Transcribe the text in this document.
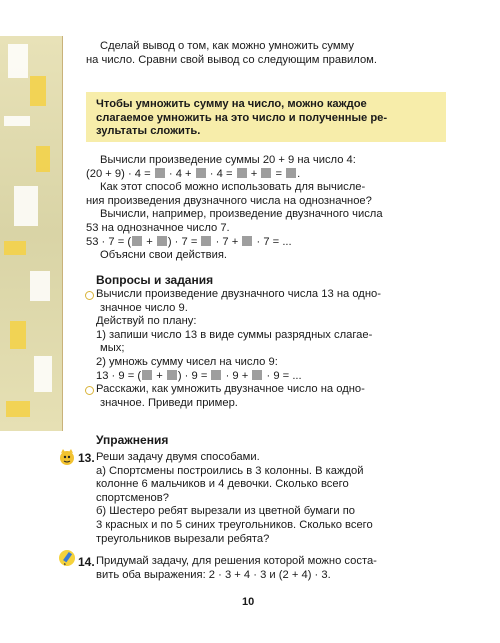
Сделай вывод о том, как можно умножить сумму
на число. Сравни свой вывод со следующим правилом.
Чтобы умножить сумму на число, можно каждое
слагаемое умножить на это число и полученные ре-
зультаты сложить.
Вычисли произведение суммы 20 + 9 на число 4:
(20 + 9) · 4 =  · 4 +  · 4 =  +  = .
Как этот способ можно использовать для вычисле-
ния произведения двузначного числа на однозначное?
Вычисли, например, произведение двузначного числа
53 на однозначное число 7.
53 · 7 = ( + ) · 7 =  · 7 +  · 7 = ...
Объясни свои действия.
Вопросы и задания
Вычисли произведение двузначного числа 13 на одно-
значное число 9.
Действуй по плану:
1) запиши число 13 в виде суммы разрядных слагае-
мых;
2) умножь сумму чисел на число 9:
13 · 9 = ( + ) · 9 =  · 9 +  · 9 = ...
Расскажи, как умножить двузначное число на одно-
значное. Приведи пример.
Упражнения
13. Реши задачу двумя способами.
а) Спортсмены построились в 3 колонны. В каждой
колонне 6 мальчиков и 4 девочки. Сколько всего
спортсменов?
б) Шестеро ребят вырезали из цветной бумаги по
3 красных и по 5 синих треугольников. Сколько всего
треугольников вырезали ребята?
14. Придумай задачу, для решения которой можно соста-
вить оба выражения: 2 · 3 + 4 · 3 и (2 + 4) · 3.
10
